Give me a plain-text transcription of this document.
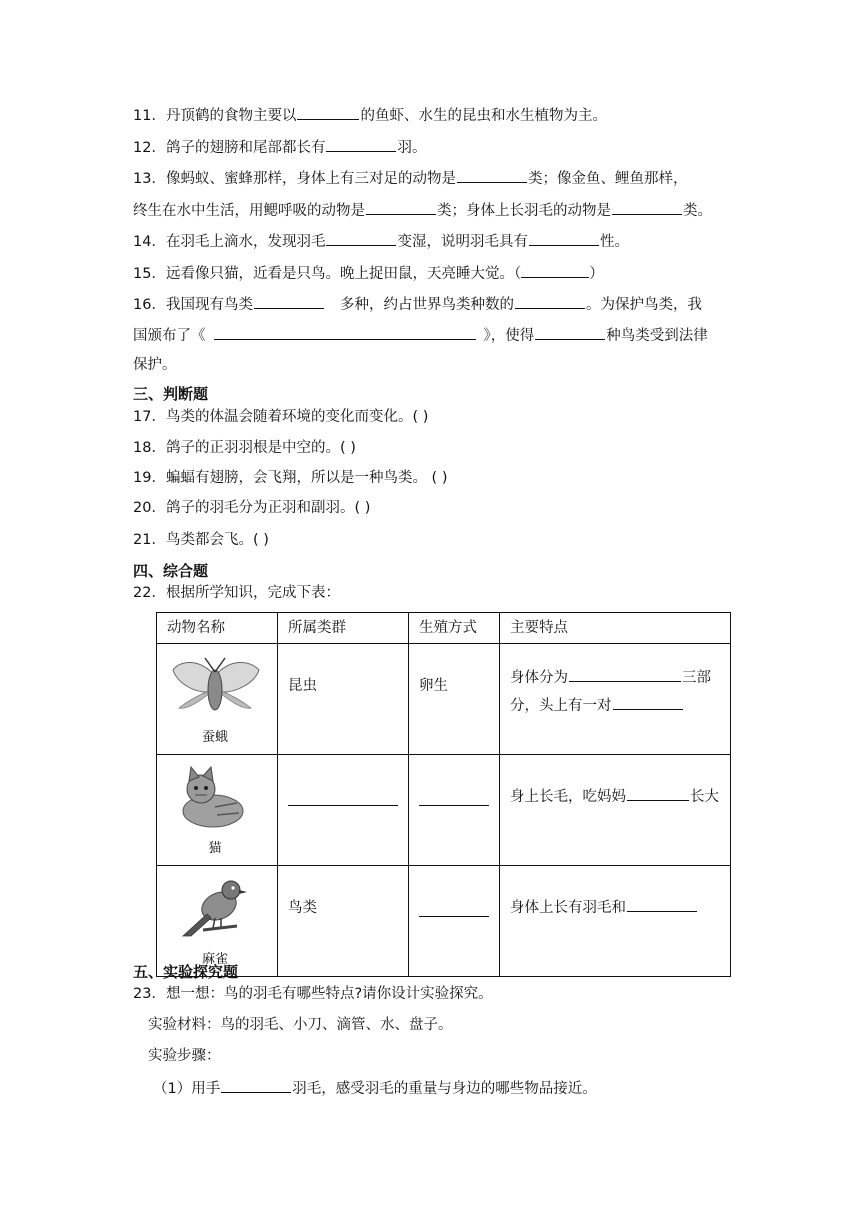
11．丹顶鹤的食物主要以	的鱼虾、水生的昆虫和水生植物为主。
12．鸽子的翅膀和尾部都长有	羽。
13．像蚂蚁、蜜蜂那样，身体上有三对足的动物是	类；像金鱼、鲤鱼那样，
终生在水中生活，用鳃呼吸的动物是	类；身体上长羽毛的动物是	类。
14．在羽毛上滴水，发现羽毛	变湿，说明羽毛具有	性。
15．远看像只猫，近看是只鸟。晚上捉田鼠，天亮睡大觉。（	）
16．我国现有鸟类	多种，约占世界鸟类种数的	。为保护鸟类，我
国颁布了《	》，使得	种鸟类受到法律
保护。
三、判断题
17．鸟类的体温会随着环境的变化而变化。( )
18．鸽子的正羽羽根是中空的。( )
19．蝙蝠有翅膀，会飞翔，所以是一种鸟类。 ( )
20．鸽子的羽毛分为正羽和副羽。( )
21．鸟类都会飞。( )
四、综合题
22．根据所学知识，完成下表：
动物名称	所属类群	生殖方式	主要特点

蚕蛾	昆虫	卵生	身体分为 三部
分，头上有一对

猫			身上长毛，吃妈妈 长大

麻雀	鸟类		身体上长有羽毛和
五、实验探究题
23．想一想：鸟的羽毛有哪些特点?请你设计实验探究。
实验材料：鸟的羽毛、小刀、滴管、水、盘子。
实验步骤：
（1）用手	羽毛，感受羽毛的重量与身边的哪些物品接近。
